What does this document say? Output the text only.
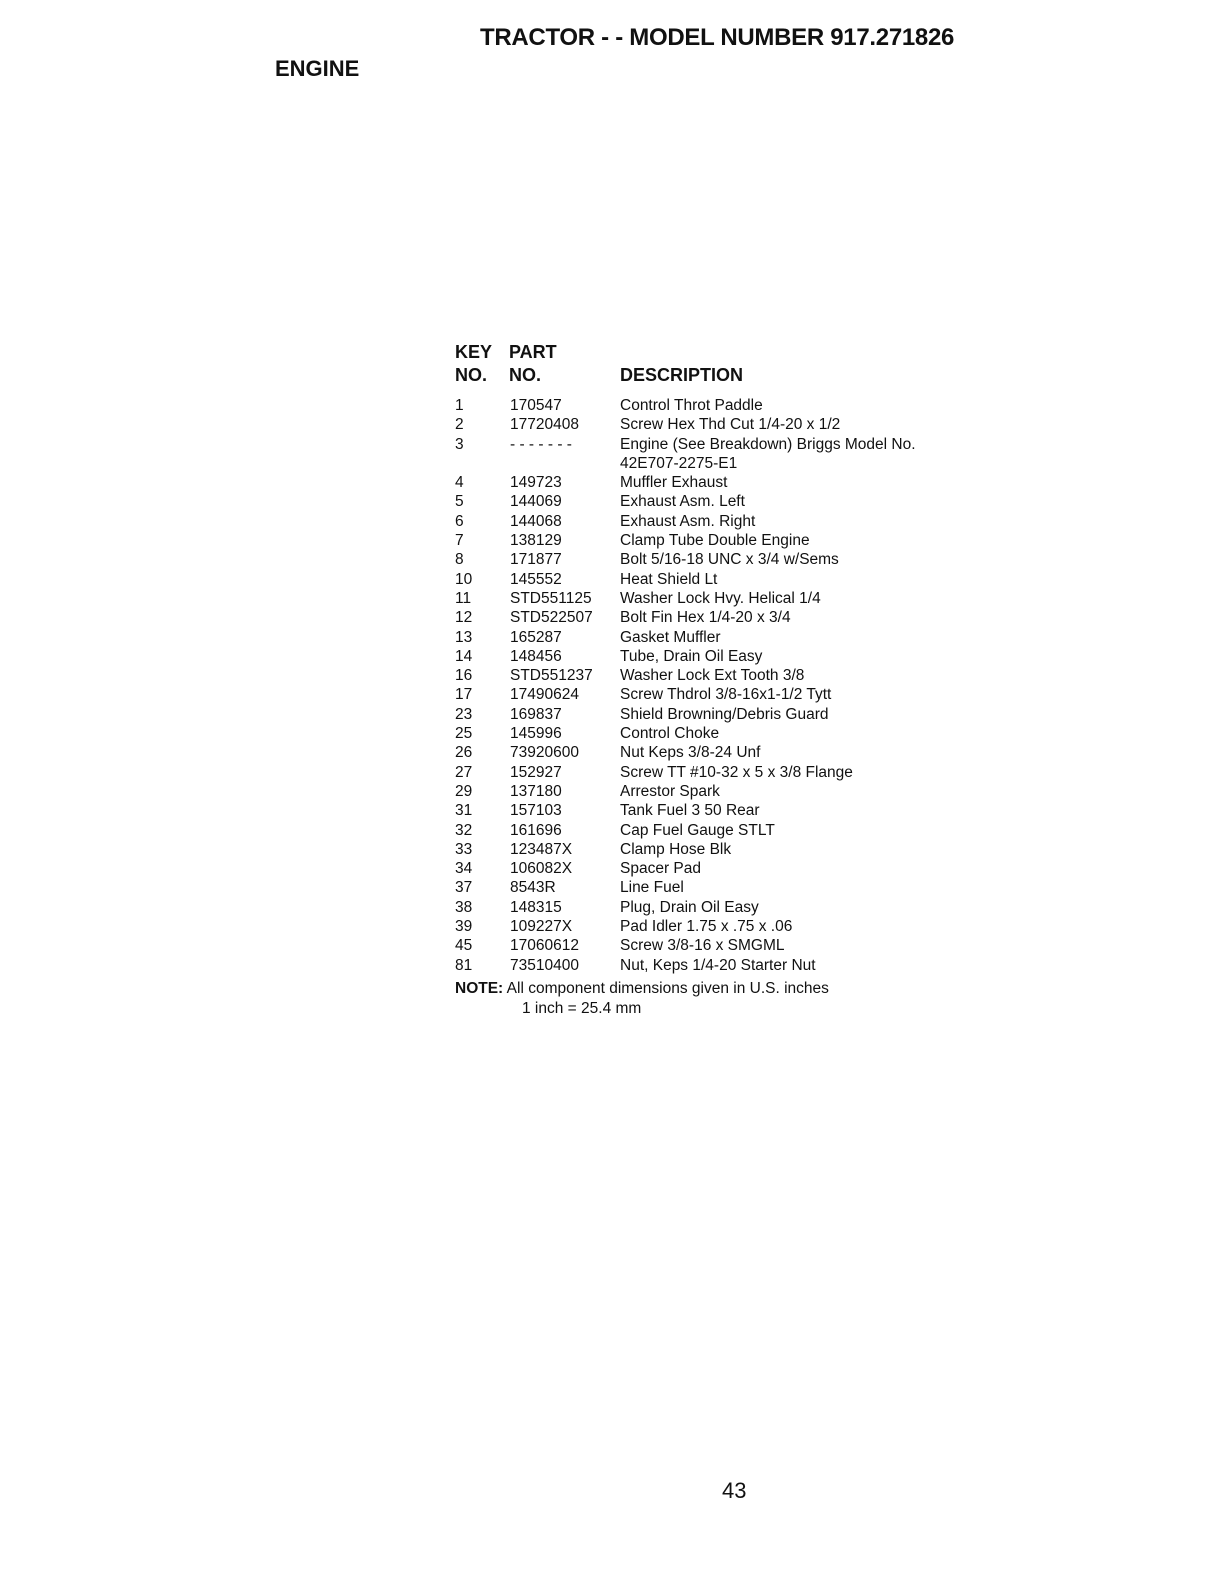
TRACTOR - - MODEL NUMBER 917.271826
ENGINE
KEY
NO.
PART
NO.	DESCRIPTION
1	170547	Control Throt Paddle
2	17720408	Screw Hex Thd Cut 1/4-20 x 1/2
3	- - - - - - -	Engine (See Breakdown) Briggs Model No.
42E707-2275-E1
4	149723	Muffler Exhaust
5	144069	Exhaust Asm. Left
6	144068	Exhaust Asm. Right
7	138129	Clamp Tube Double Engine
8	171877	Bolt 5/16-18 UNC x 3/4 w/Sems
10 145552	Heat Shield Lt
11	STD551125 Washer Lock Hvy. Helical 1/4
12 STD522507 Bolt Fin Hex 1/4-20 x 3/4
13 165287	Gasket Muffler
14 148456	Tube, Drain Oil Easy
16 STD551237 Washer Lock Ext Tooth 3/8
17 17490624	Screw Thdrol 3/8-16x1-1/2 Tytt
23 169837	Shield Browning/Debris Guard
25 145996	Control Choke
26 73920600	Nut Keps 3/8-24 Unf
27 152927	Screw TT #10-32 x 5 x 3/8 Flange
29 137180	Arrestor Spark
31 157103	Tank Fuel 3 50 Rear
32 161696	Cap Fuel Gauge STLT
33 123487X	Clamp Hose Blk
34 106082X	Spacer Pad
37 8543R	Line Fuel
38 148315	Plug, Drain Oil Easy
39 109227X	Pad Idler 1.75 x .75 x .06
45 17060612	Screw 3/8-16 x SMGML
81 73510400	Nut, Keps 1/4-20 Starter Nut
NOTE: All component dimensions given in U.S. inches
1 inch = 25.4 mm
43
